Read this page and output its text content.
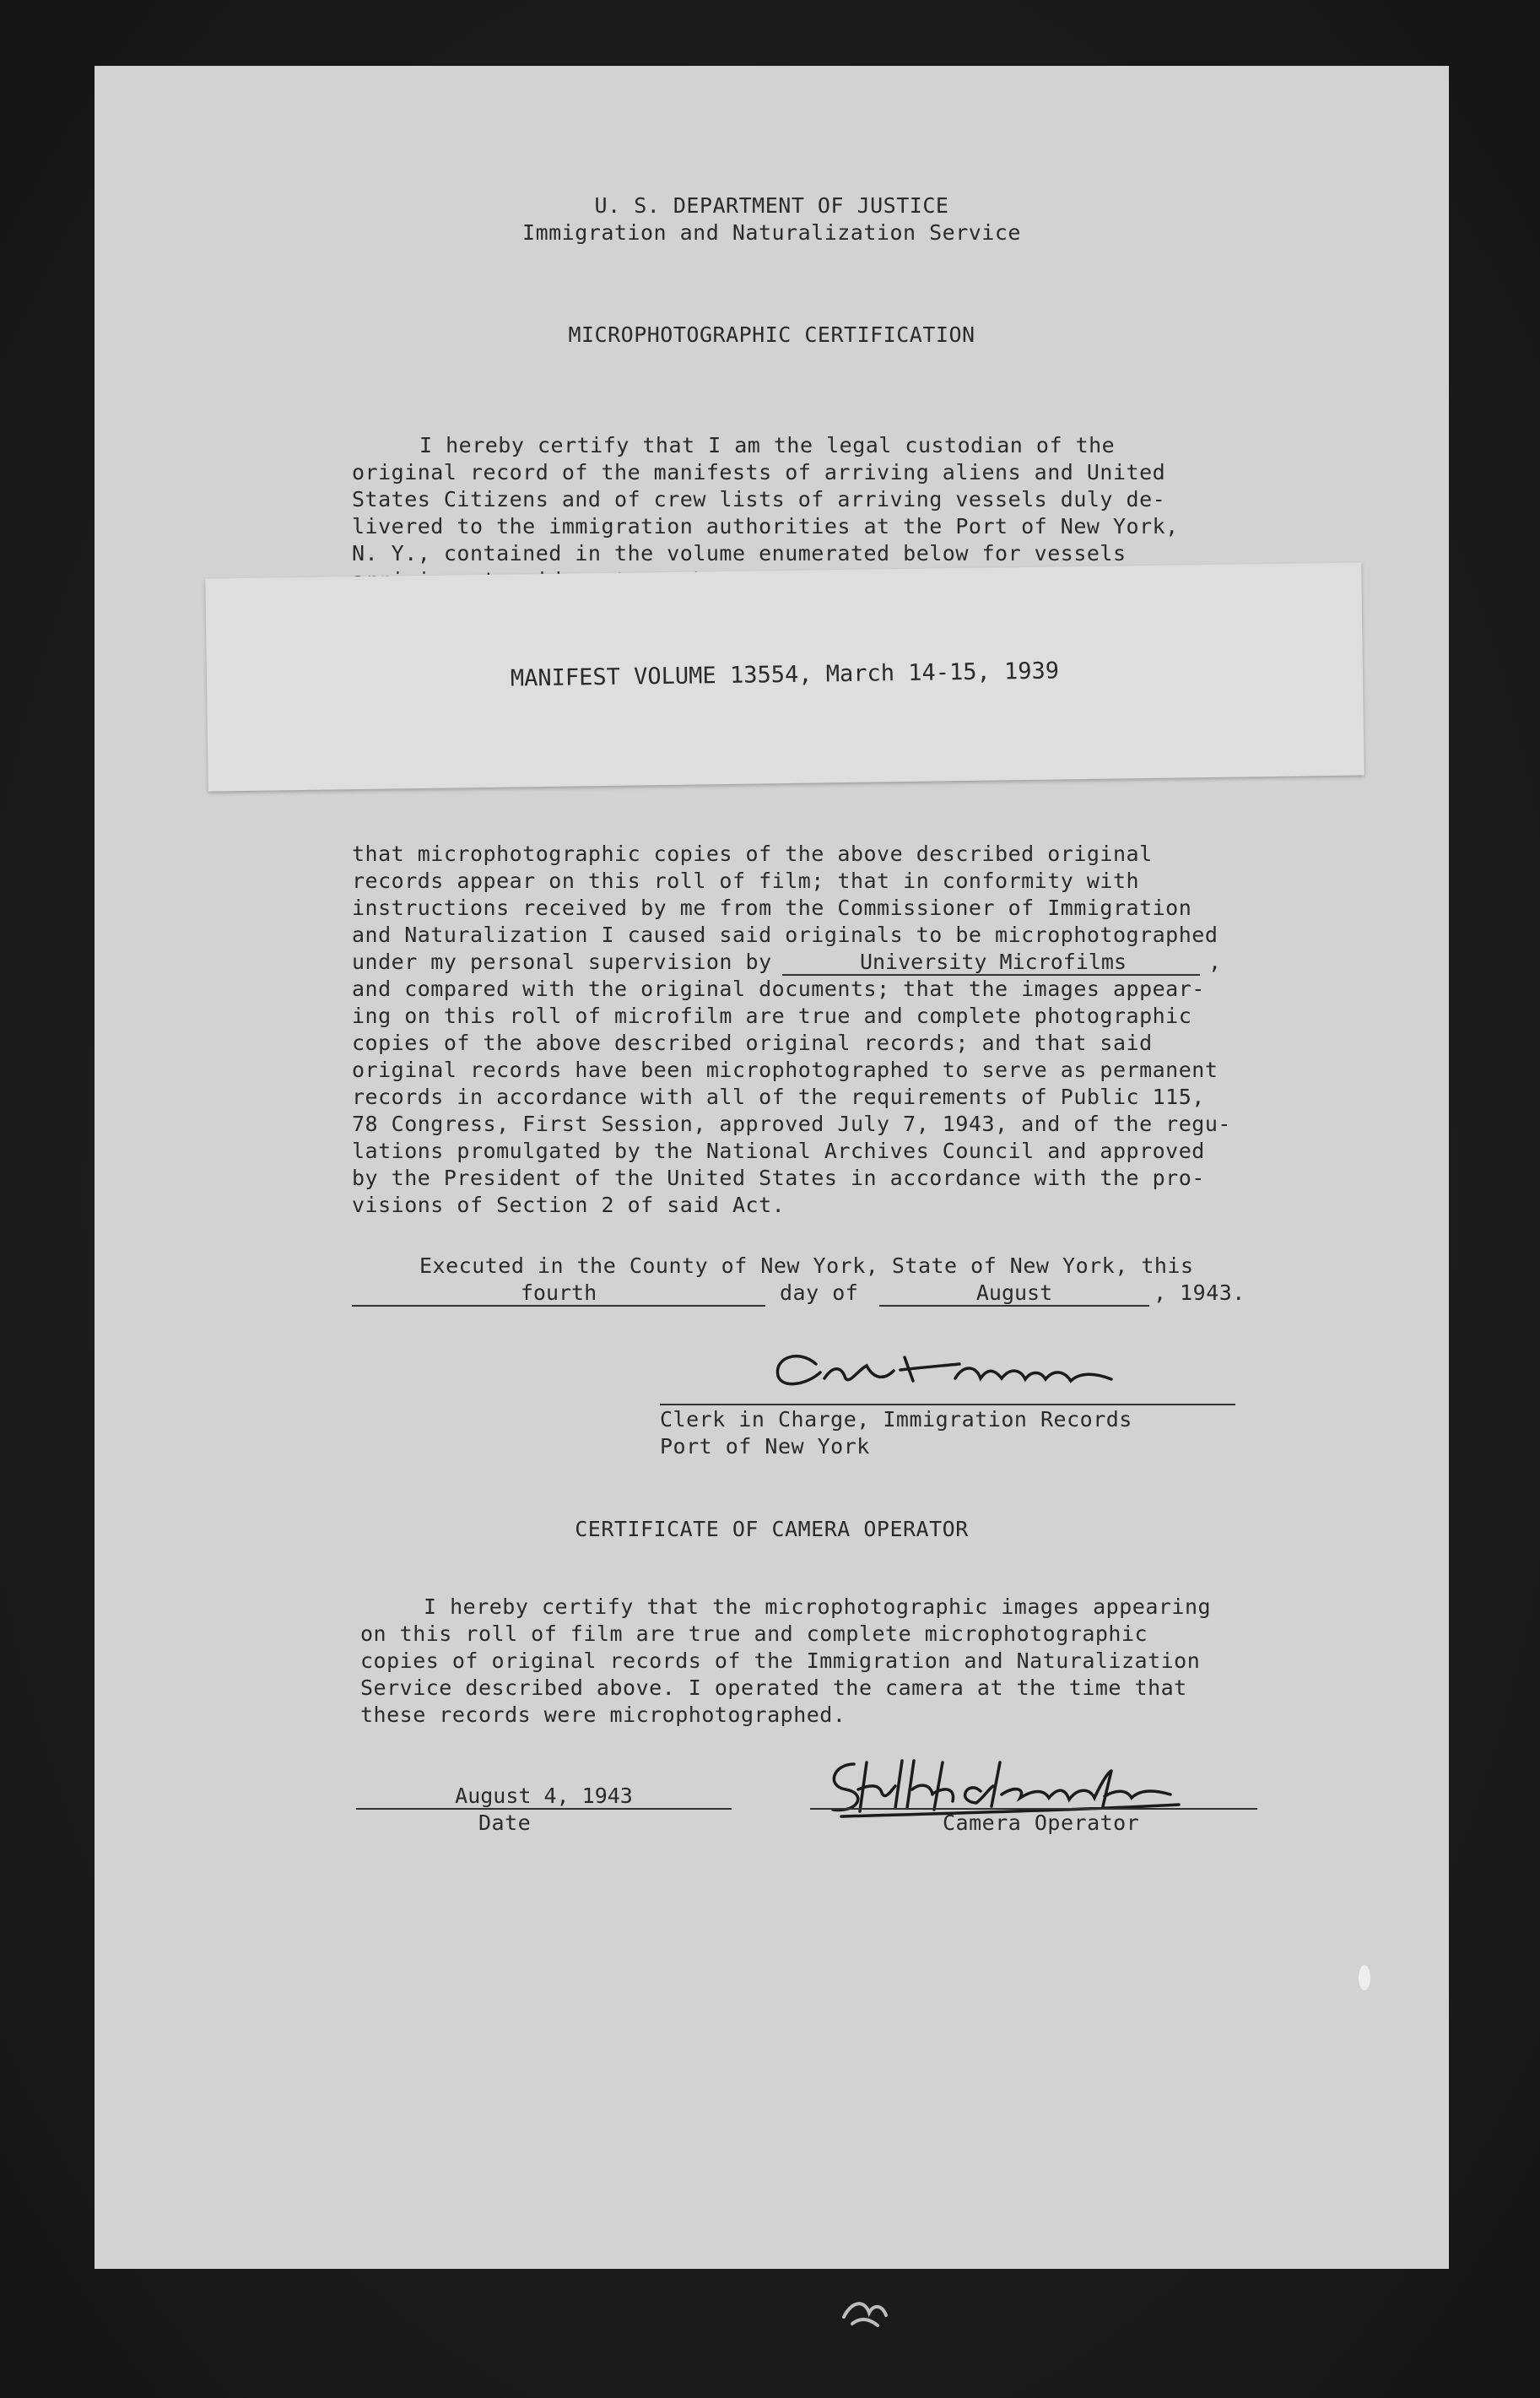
U. S. DEPARTMENT OF JUSTICE
Immigration and Naturalization Service
MICROPHOTOGRAPHIC CERTIFICATION
I hereby certify that I am the legal custodian of the
original record of the manifests of arriving aliens and United
States Citizens and of crew lists of arriving vessels duly de-
livered to the immigration authorities at the Port of New York,
N. Y., contained in the volume enumerated below for vessels
MANIFEST VOLUME 13554, March 14-15, 1939
that microphotographic copies of the above described original
records appear on this roll of film; that in conformity with
instructions received by me from the Commissioner of Immigration
and Naturalization I caused said originals to be microphotographed
under my personal supervision by	University Microfilms	,
and compared with the original documents; that the images appear-
ing on this roll of microfilm are true and complete photographic
copies of the above described original records; and that said
original records have been microphotographed to serve as permanent
records in accordance with all of the requirements of Public 115,
78 Congress, First Session, approved July 7, 1943, and of the regu-
lations promulgated by the National Archives Council and approved
by the President of the United States in accordance with the pro-
visions of Section 2 of said Act.
Executed in the County of New York, State of New York, this
fourth	day of	August	, 1943.
Clerk in Charge, Immigration Records
Port of New York
CERTIFICATE OF CAMERA OPERATOR
I hereby certify that the microphotographic images appearing
on this roll of film are true and complete microphotographic
copies of original records of the Immigration and Naturalization
Service described above. I operated the camera at the time that
these records were microphotographed.
August 4, 1943
Date	Camera Operator
